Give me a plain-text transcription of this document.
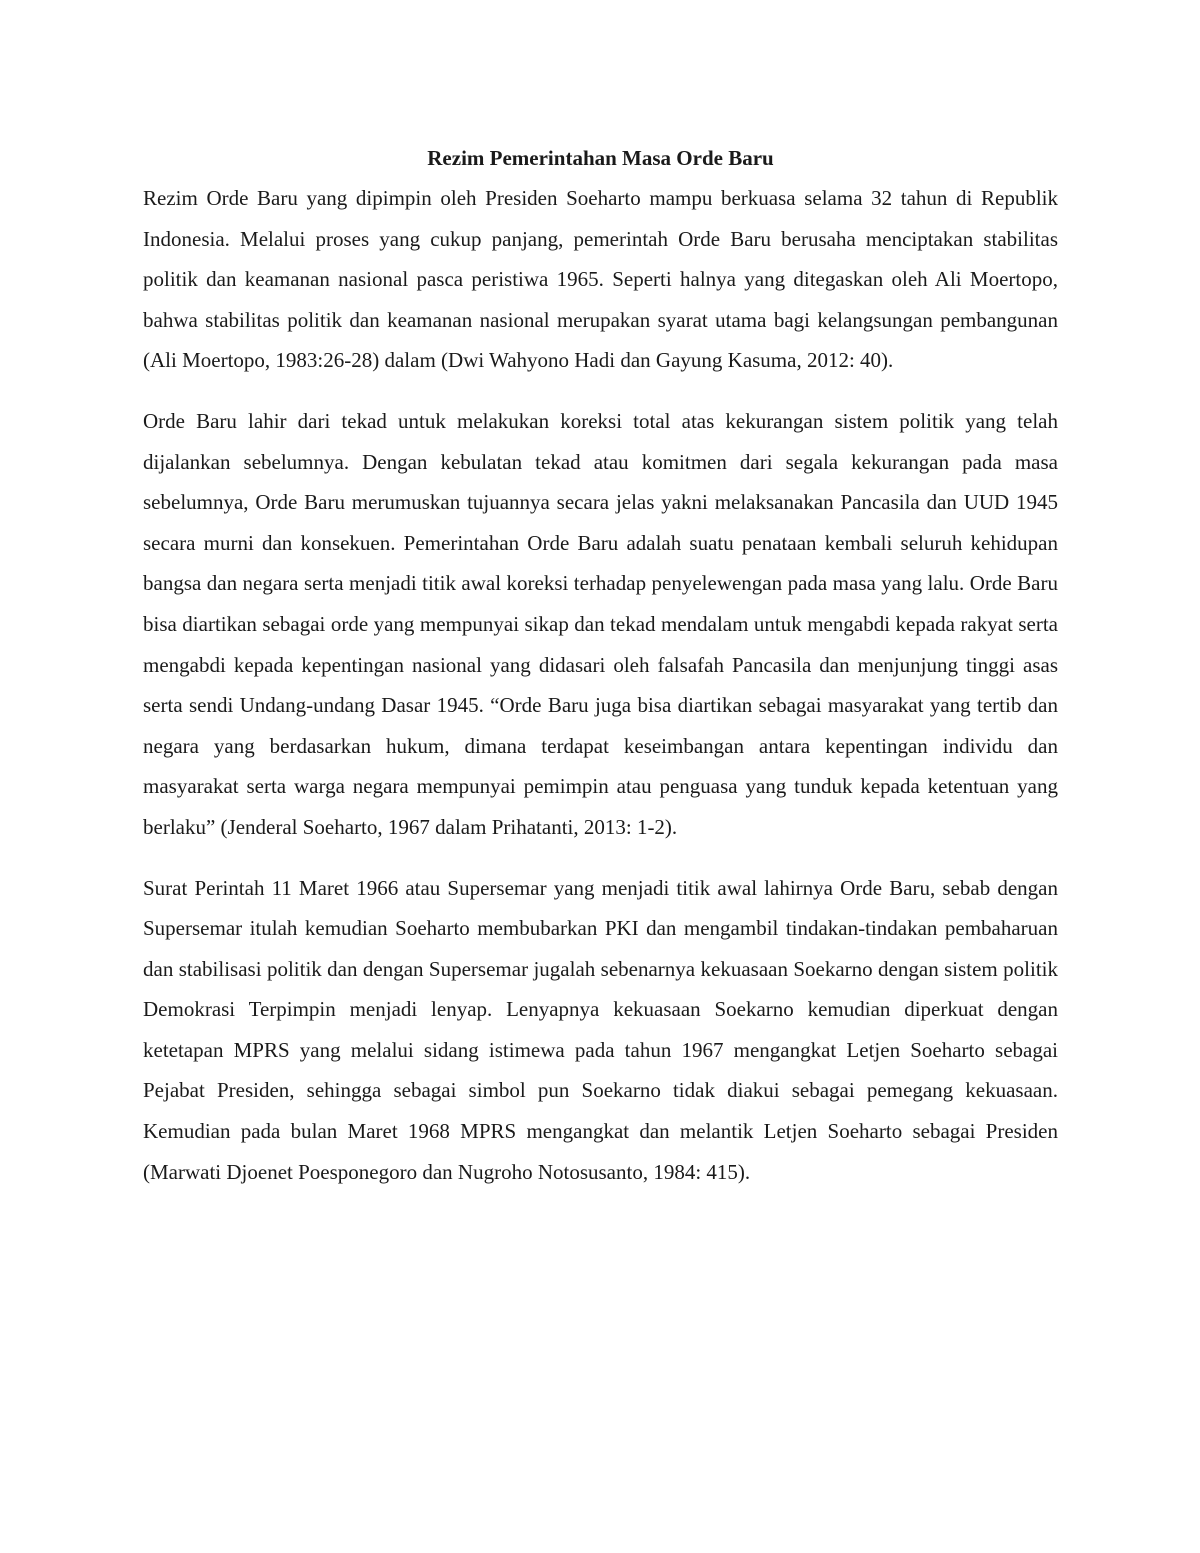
Rezim Pemerintahan Masa Orde Baru

Rezim Orde Baru yang dipimpin oleh Presiden Soeharto mampu berkuasa selama 32 tahun di Republik Indonesia. Melalui proses yang cukup panjang, pemerintah Orde Baru berusaha menciptakan stabilitas politik dan keamanan nasional pasca peristiwa 1965. Seperti halnya yang ditegaskan oleh Ali Moertopo, bahwa stabilitas politik dan keamanan nasional merupakan syarat utama bagi kelangsungan pembangunan (Ali Moertopo, 1983:26-28) dalam (Dwi Wahyono Hadi dan Gayung Kasuma, 2012: 40).

Orde Baru lahir dari tekad untuk melakukan koreksi total atas kekurangan sistem politik yang telah dijalankan sebelumnya. Dengan kebulatan tekad atau komitmen dari segala kekurangan pada masa sebelumnya, Orde Baru merumuskan tujuannya secara jelas yakni melaksanakan Pancasila dan UUD 1945 secara murni dan konsekuen. Pemerintahan Orde Baru adalah suatu penataan kembali seluruh kehidupan bangsa dan negara serta menjadi titik awal koreksi terhadap penyelewengan pada masa yang lalu. Orde Baru bisa diartikan sebagai orde yang mempunyai sikap dan tekad mendalam untuk mengabdi kepada rakyat serta mengabdi kepada kepentingan nasional yang didasari oleh falsafah Pancasila dan menjunjung tinggi asas serta sendi Undang-undang Dasar 1945. “Orde Baru juga bisa diartikan sebagai masyarakat yang tertib dan negara yang berdasarkan hukum, dimana terdapat keseimbangan antara kepentingan individu dan masyarakat serta warga negara mempunyai pemimpin atau penguasa yang tunduk kepada ketentuan yang berlaku” (Jenderal Soeharto, 1967 dalam Prihatanti, 2013: 1-2).

Surat Perintah 11 Maret 1966 atau Supersemar yang menjadi titik awal lahirnya Orde Baru, sebab dengan Supersemar itulah kemudian Soeharto membubarkan PKI dan mengambil tindakan-tindakan pembaharuan dan stabilisasi politik dan dengan Supersemar jugalah sebenarnya kekuasaan Soekarno dengan sistem politik Demokrasi Terpimpin menjadi lenyap. Lenyapnya kekuasaan Soekarno kemudian diperkuat dengan ketetapan MPRS yang melalui sidang istimewa pada tahun 1967 mengangkat Letjen Soeharto sebagai Pejabat Presiden, sehingga sebagai simbol pun Soekarno tidak diakui sebagai pemegang kekuasaan. Kemudian pada bulan Maret 1968 MPRS mengangkat dan melantik Letjen Soeharto sebagai Presiden (Marwati Djoenet Poesponegoro dan Nugroho Notosusanto, 1984: 415).
